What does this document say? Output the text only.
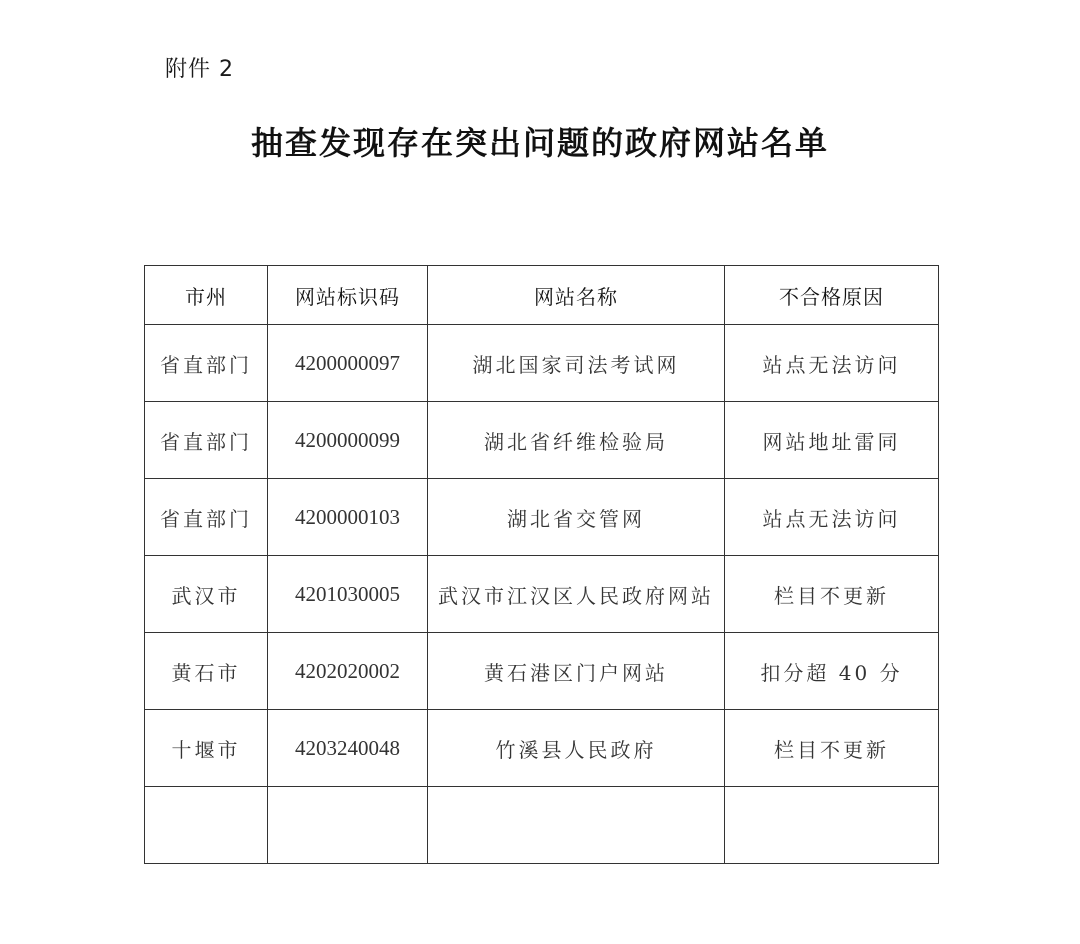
附件 2
抽查发现存在突出问题的政府网站名单
市州	网站标识码	网站名称	不合格原因
省直部门	4200000097	湖北国家司法考试网	站点无法访问
省直部门	4200000099	湖北省纤维检验局	网站地址雷同
省直部门	4200000103	湖北省交管网	站点无法访问
武汉市	4201030005	武汉市江汉区人民政府网站	栏目不更新
黄石市	4202020002	黄石港区门户网站	扣分超 40 分
十堰市	4203240048	竹溪县人民政府	栏目不更新
